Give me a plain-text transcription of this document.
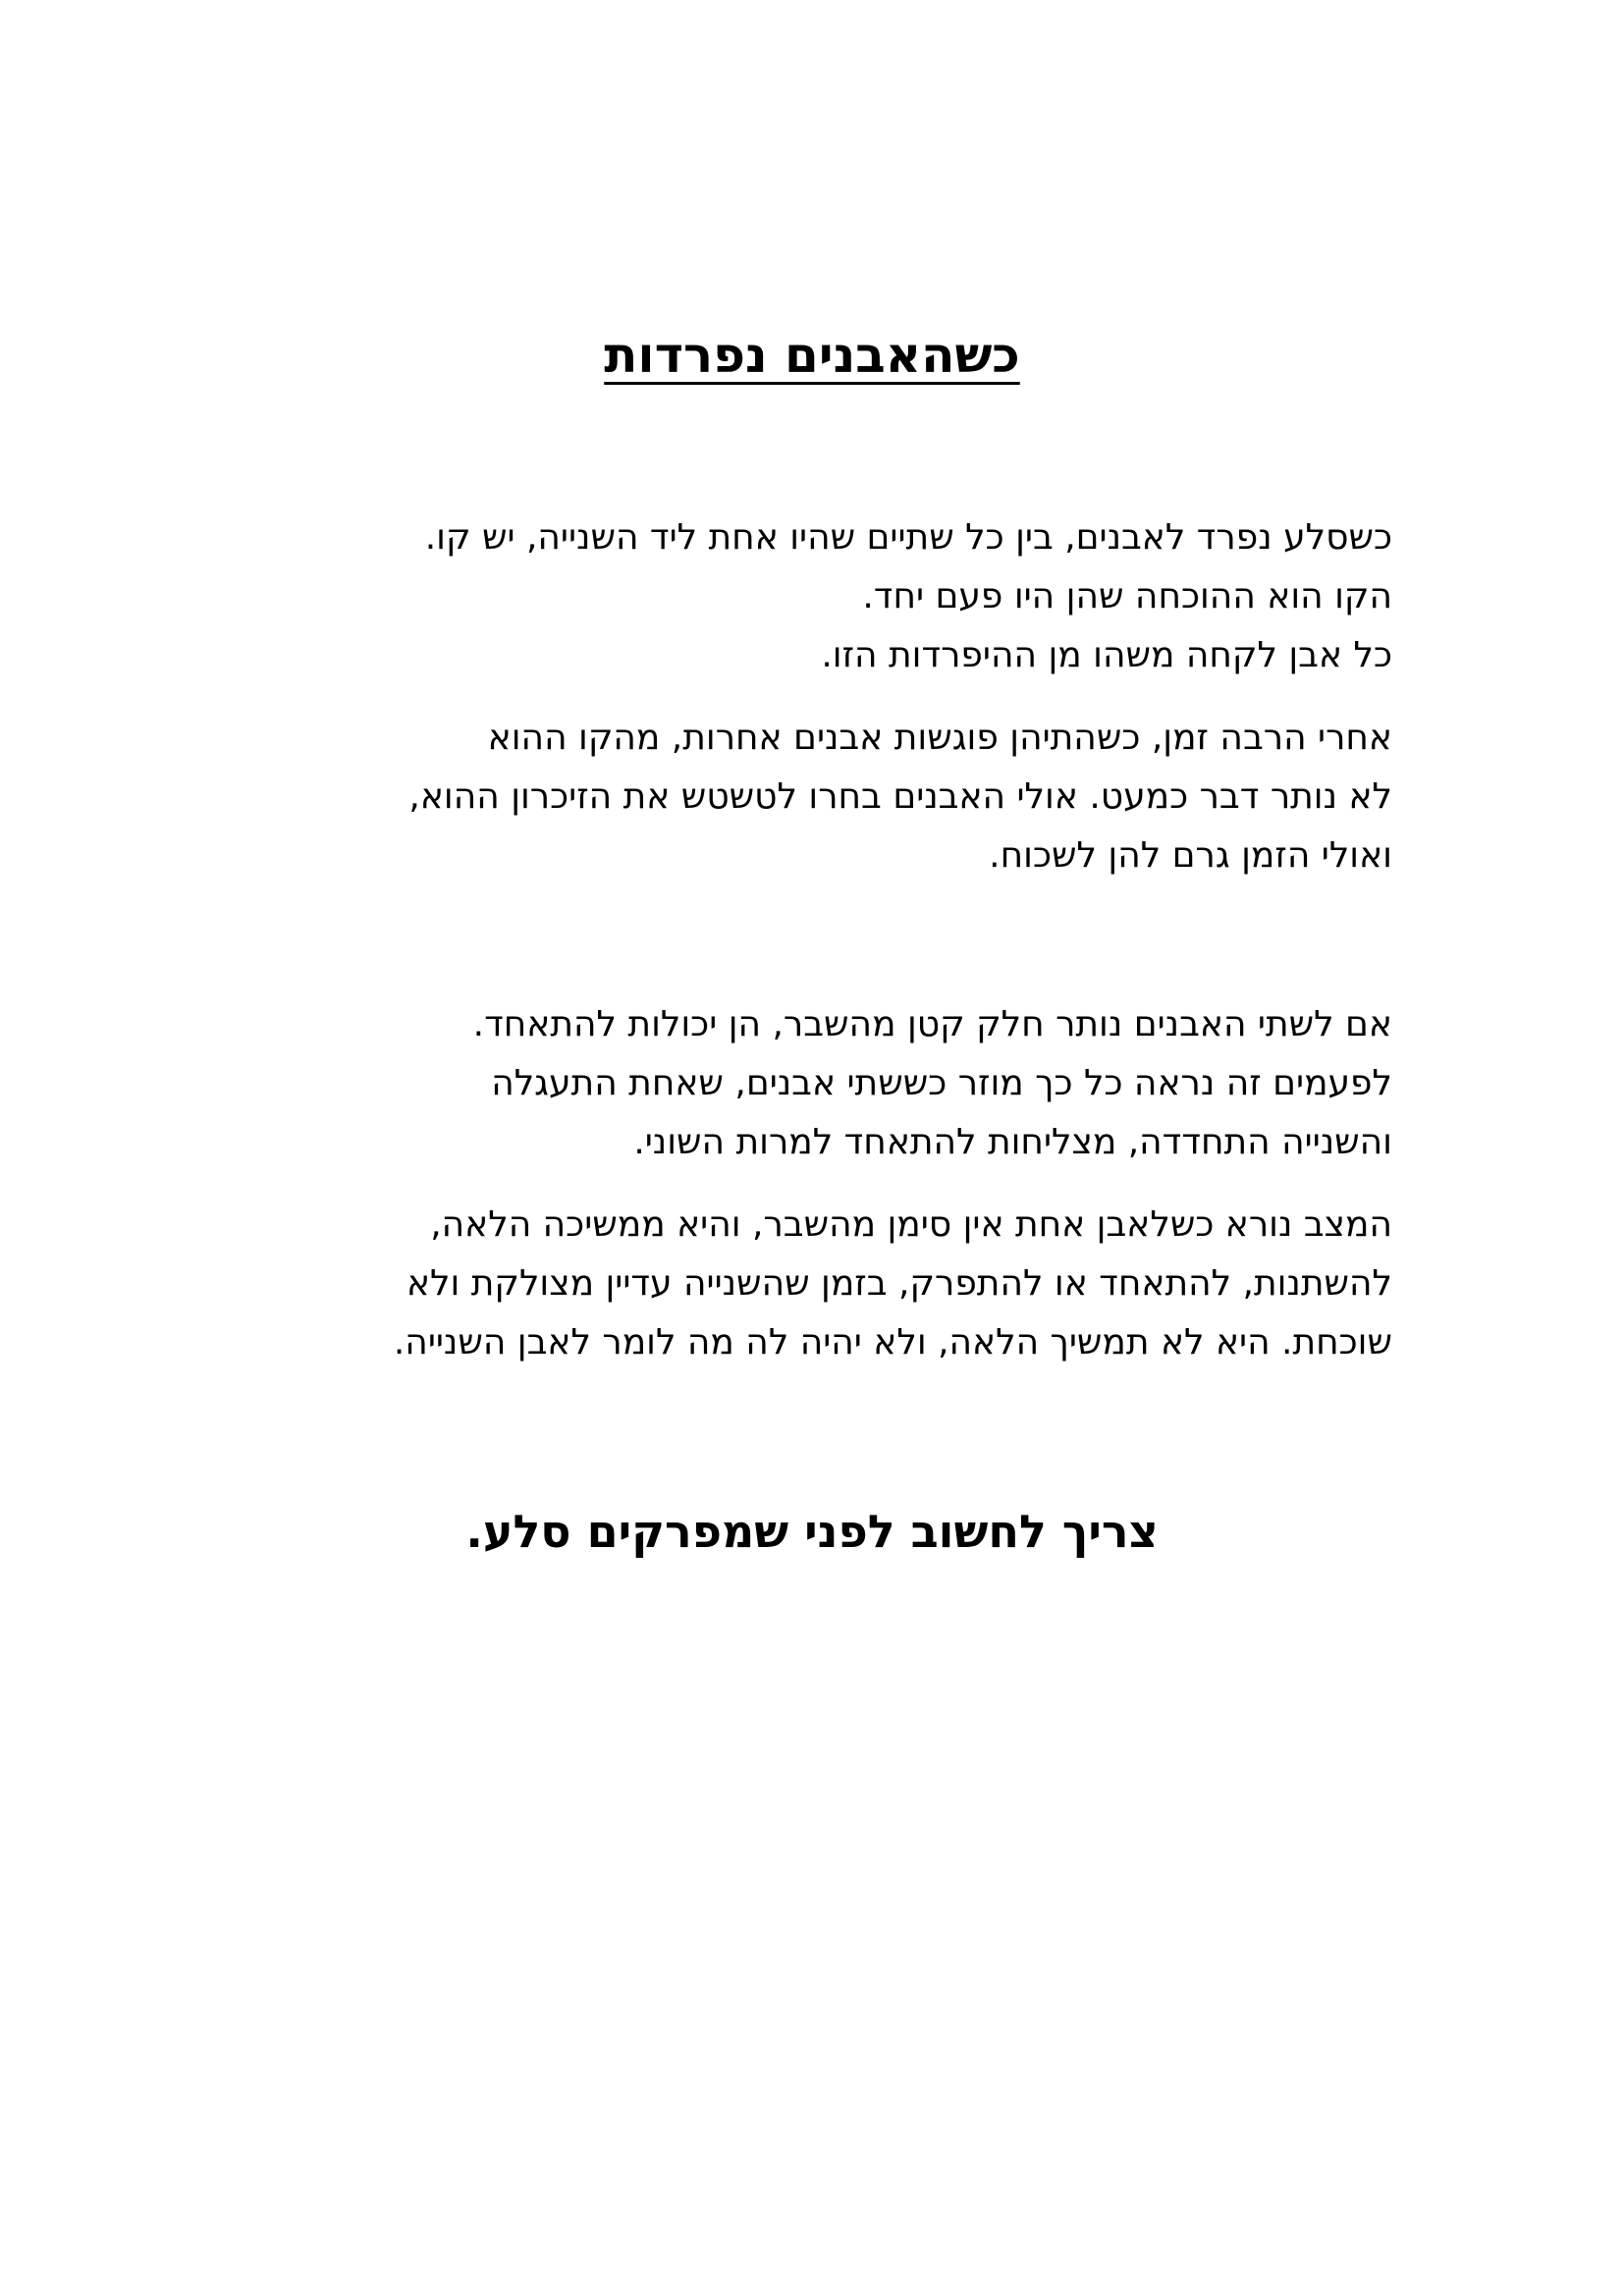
כשהאבנים נפרדות
כשסלע נפרד לאבנים, בין כל שתיים שהיו אחת ליד השנייה, יש קו.
הקו הוא ההוכחה שהן היו פעם יחד.
כל אבן לקחה משהו מן ההיפרדות הזו.
אחרי הרבה זמן, כשהתיהן פוגשות אבנים אחרות, מהקו ההוא
לא נותר דבר כמעט. אולי האבנים בחרו לטשטש את הזיכרון ההוא,
ואולי הזמן גרם להן לשכוח.
אם לשתי האבנים נותר חלק קטן מהשבר, הן יכולות להתאחד.
לפעמים זה נראה כל כך מוזר כששתי אבנים, שאחת התעגלה
והשנייה התחדדה, מצליחות להתאחד למרות השוני.
המצב נורא כשלאבן אחת אין סימן מהשבר, והיא ממשיכה הלאה,
להשתנות, להתאחד או להתפרק, בזמן שהשנייה עדיין מצולקת ולא
שוכחת. היא לא תמשיך הלאה, ולא יהיה לה מה לומר לאבן השנייה.
צריך לחשוב לפני שמפרקים סלע.
